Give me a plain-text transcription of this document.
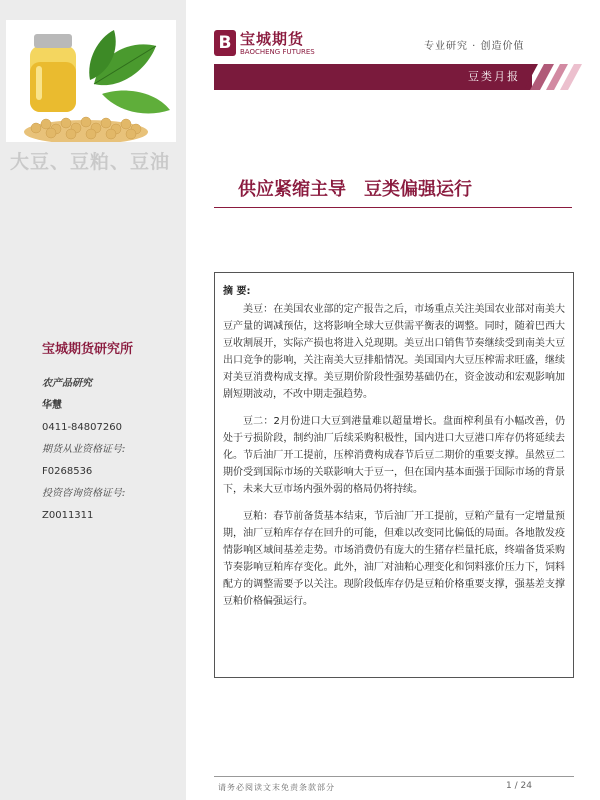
大豆、豆粕、豆油
宝城期货研究所
农产品研究
华慧
0411-84807260
期货从业资格证号:
F0268536
投资咨询资格证号:
Z0011311
B 宝城期货
BAOCHENG FUTURES	专业研究 · 创造价值
豆类月报
供应紧缩主导　豆类偏强运行
摘 要:

美豆：在美国农业部的定产报告之后，市场重点关注美国农业部对南美大豆产量的调减预估，这将影响全球大豆供需平衡表的调整。同时，随着巴西大豆收割展开，实际产损也将进入兑现期。美豆出口销售节奏继续受到南美大豆出口竞争的影响，关注南美大豆排船情况。美国国内大豆压榨需求旺盛，继续对美豆消费构成支撑。美豆期价阶段性强势基础仍在，资金波动和宏观影响加剧短期波动，不改中期走强趋势。

豆二：2月份进口大豆到港量难以超量增长。盘面榨利虽有小幅改善，仍处于亏损阶段，制约油厂后续采购积极性，国内进口大豆港口库存仍将延续去化。节后油厂开工提前，压榨消费构成春节后豆二期价的重要支撑。虽然豆二期价受到国际市场的关联影响大于豆一，但在国内基本面强于国际市场的背景下，未来大豆市场内强外弱的格局仍将持续。

豆粕：春节前备货基本结束，节后油厂开工提前，豆粕产量有一定增量预期，油厂豆粕库存存在回升的可能，但难以改变同比偏低的局面。各地散发疫情影响区域间基差走势。市场消费仍有庞大的生猪存栏量托底，终端备货采购节奏影响豆粕库存变化。此外，油厂对油粕心理变化和饲料涨价压力下，饲料配方的调整需要予以关注。现阶段低库存仍是豆粕价格重要支撑，强基差支撑豆粕价格偏强运行。

请务必阅读文末免责条款部分	1 / 24
